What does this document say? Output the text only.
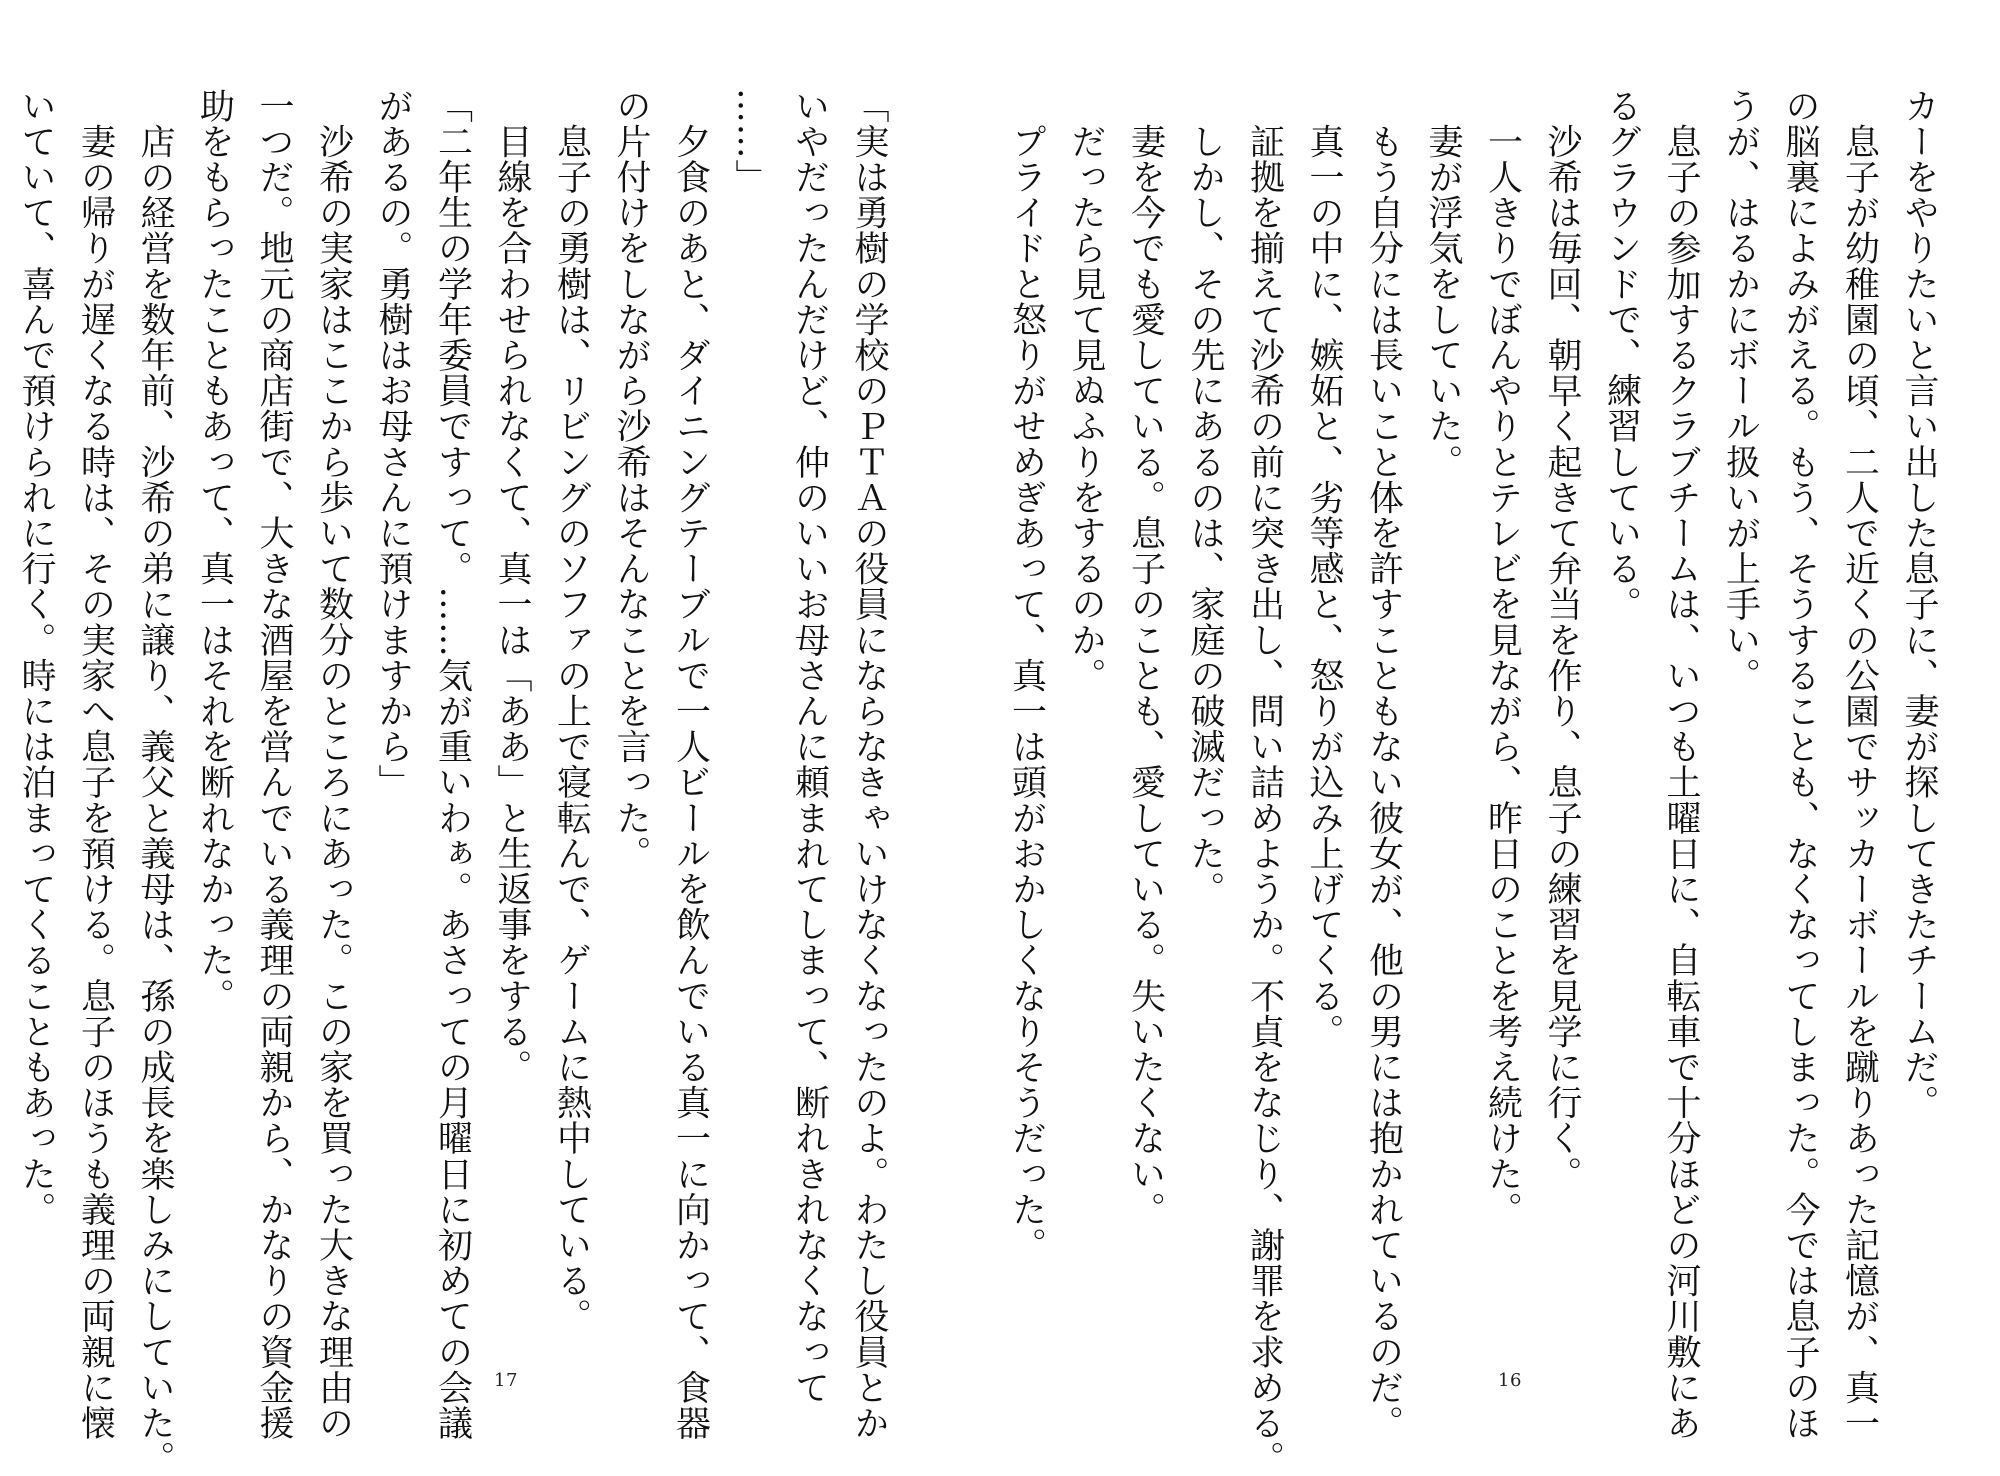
「実は勇樹の学校のＰＴＡの役員にならなきゃいけなくなったのよ。わたし役員とか

いやだったんだけど、仲のいいお母さんに頼まれてしまって、断れきれなくなって

……」

　夕食のあと、ダイニングテーブルで一人ビールを飲んでいる真一に向かって、食器

の片付けをしながら沙希はそんなことを言った。

　息子の勇樹は、リビングのソファの上で寝転んで、ゲームに熱中している。

　目線を合わせられなくて、真一は「ああ」と生返事をする。

「二年生の学年委員ですって。……気が重いわぁ。あさっての月曜日に初めての会議

があるの。勇樹はお母さんに預けますから」

　沙希の実家はここから歩いて数分のところにあった。この家を買った大きな理由の

一つだ。地元の商店街で、大きな酒屋を営んでいる義理の両親から、かなりの資金援

助をもらったこともあって、真一はそれを断れなかった。

　店の経営を数年前、沙希の弟に譲り、義父と義母は、孫の成長を楽しみにしていた。

　妻の帰りが遅くなる時は、その実家へ息子を預ける。息子のほうも義理の両親に懐

いていて、喜んで預けられに行く。時には泊まってくることもあった。

17

カーをやりたいと言い出した息子に、妻が探してきたチームだ。

　息子が幼稚園の頃、二人で近くの公園でサッカーボールを蹴りあった記憶が、真一

の脳裏によみがえる。もう、そうすることも、なくなってしまった。今では息子のほ

うが、はるかにボール扱いが上手い。

　息子の参加するクラブチームは、いつも土曜日に、自転車で十分ほどの河川敷にあ

るグラウンドで、練習している。

　沙希は毎回、朝早く起きて弁当を作り、息子の練習を見学に行く。

　一人きりでぼんやりとテレビを見ながら、昨日のことを考え続けた。

　妻が浮気をしていた。

　もう自分には長いこと体を許すこともない彼女が、他の男には抱かれているのだ。

　真一の中に、嫉妬と、劣等感と、怒りが込み上げてくる。

　証拠を揃えて沙希の前に突き出し、問い詰めようか。不貞をなじり、謝罪を求める。

　しかし、その先にあるのは、家庭の破滅だった。

　妻を今でも愛している。息子のことも、愛している。失いたくない。

　だったら見て見ぬふりをするのか。

　プライドと怒りがせめぎあって、真一は頭がおかしくなりそうだった。

16
